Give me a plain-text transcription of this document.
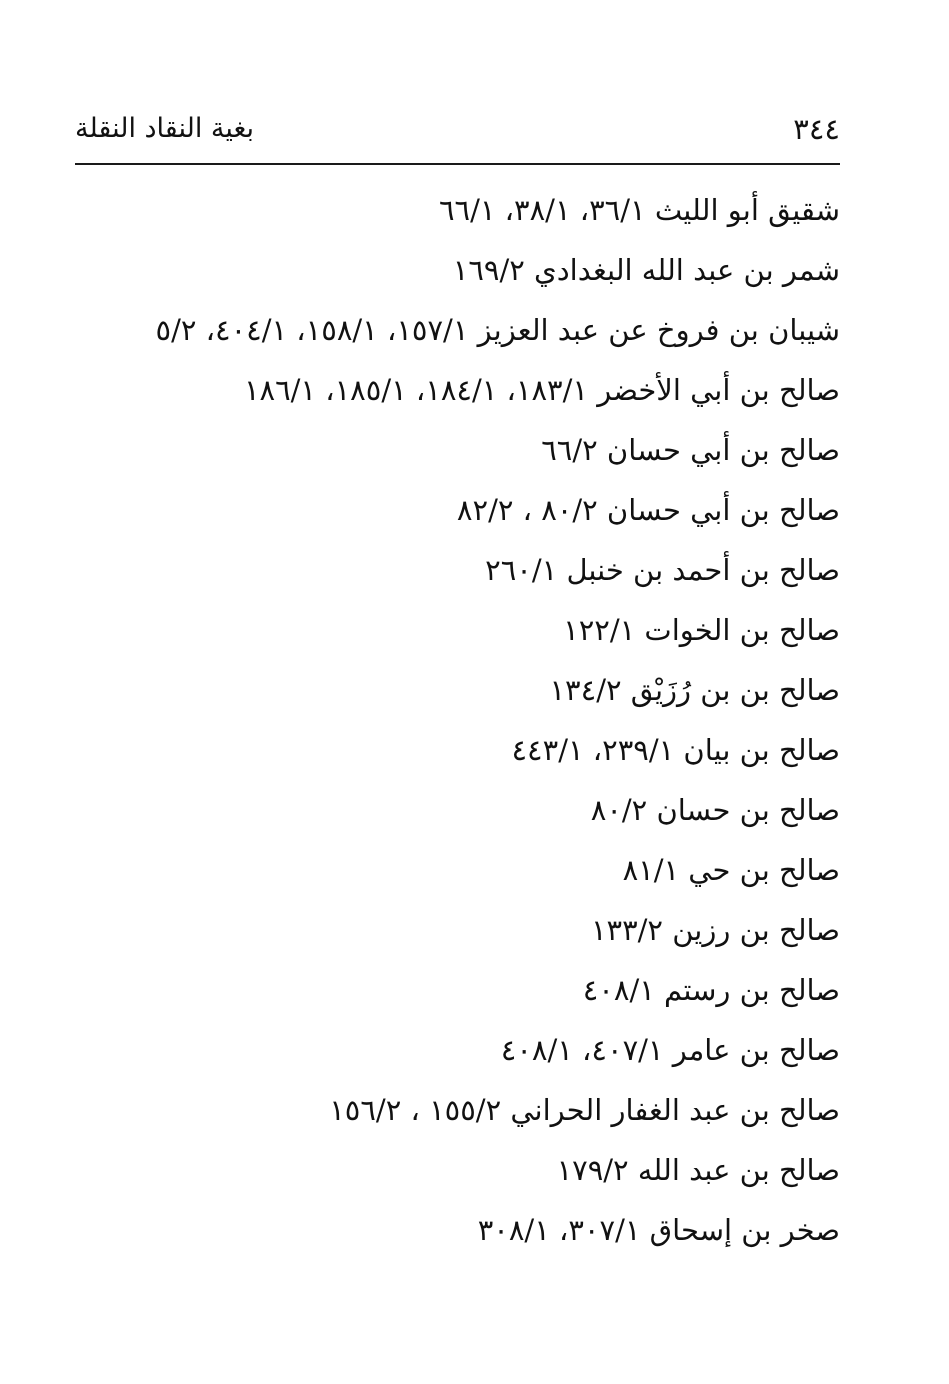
٣٤٤
بغية النقاد النقلة
شقيق أبو الليث ٣٦/١، ٣٨/١، ٦٦/١
شمر بن عبد الله البغدادي ١٦٩/٢
شيبان بن فروخ عن عبد العزيز ١٥٧/١، ١٥٨/١، ٤٠٤/١، ٥/٢
صالح بن أبي الأخضر ١٨٣/١، ١٨٤/١، ١٨٥/١، ١٨٦/١
صالح بن أبي حسان ٦٦/٢
صالح بن أبي حسان ٨٠/٢ ، ٨٢/٢
صالح بن أحمد بن خنبل ٢٦٠/١
صالح بن الخوات ١٢٢/١
صالح بن بن رُزَيْق ١٣٤/٢
صالح بن بيان ٢٣٩/١، ٤٤٣/١
صالح بن حسان ٨٠/٢
صالح بن حي ٨١/١
صالح بن رزين ١٣٣/٢
صالح بن رستم ٤٠٨/١
صالح بن عامر ٤٠٧/١، ٤٠٨/١
صالح بن عبد الغفار الحراني ١٥٥/٢ ، ١٥٦/٢
صالح بن عبد الله ١٧٩/٢
صخر بن إسحاق ٣٠٧/١، ٣٠٨/١
